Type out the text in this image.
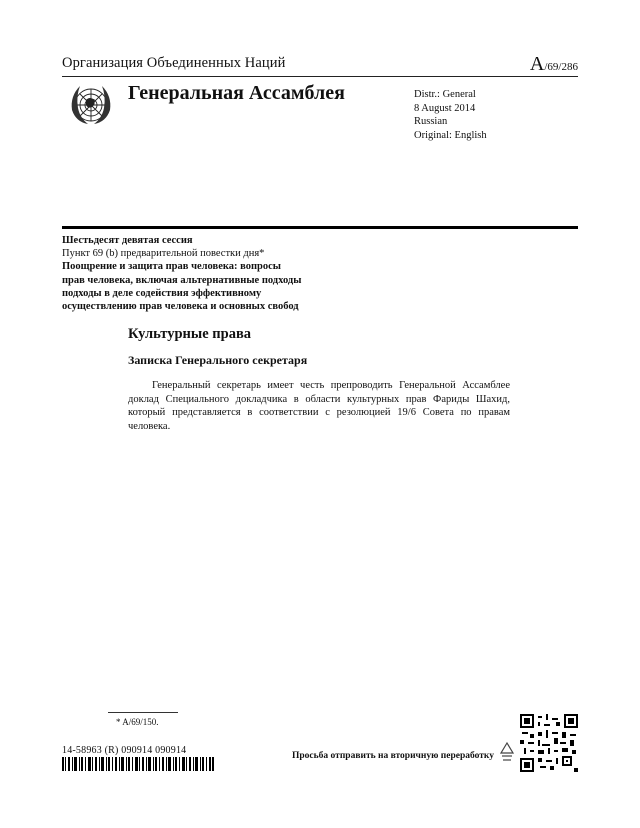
Организация Объединенных Наций	A/69/286
Генеральная Ассамблея	Distr.: General
8 August 2014
Russian
Original: English
Шестьдесят девятая сессия
Пункт 69 (b) предварительной повестки дня*
Поощрение и защита прав человека: вопросы
прав человека, включая альтернативные подходы
подходы в деле содействия эффективному
осуществлению прав человека и основных свобод
Культурные права
Записка Генерального секретаря
Генеральный секретарь имеет честь препроводить Генеральной Ассамблее доклад Специального докладчика в области культурных прав Фариды Шахид, который представляется в соответствии с резолюцией 19/6 Совета по правам человека.
* A/69/150.
14-58963 (R) 090914 090914	Просьба отправить на вторичную переработку
